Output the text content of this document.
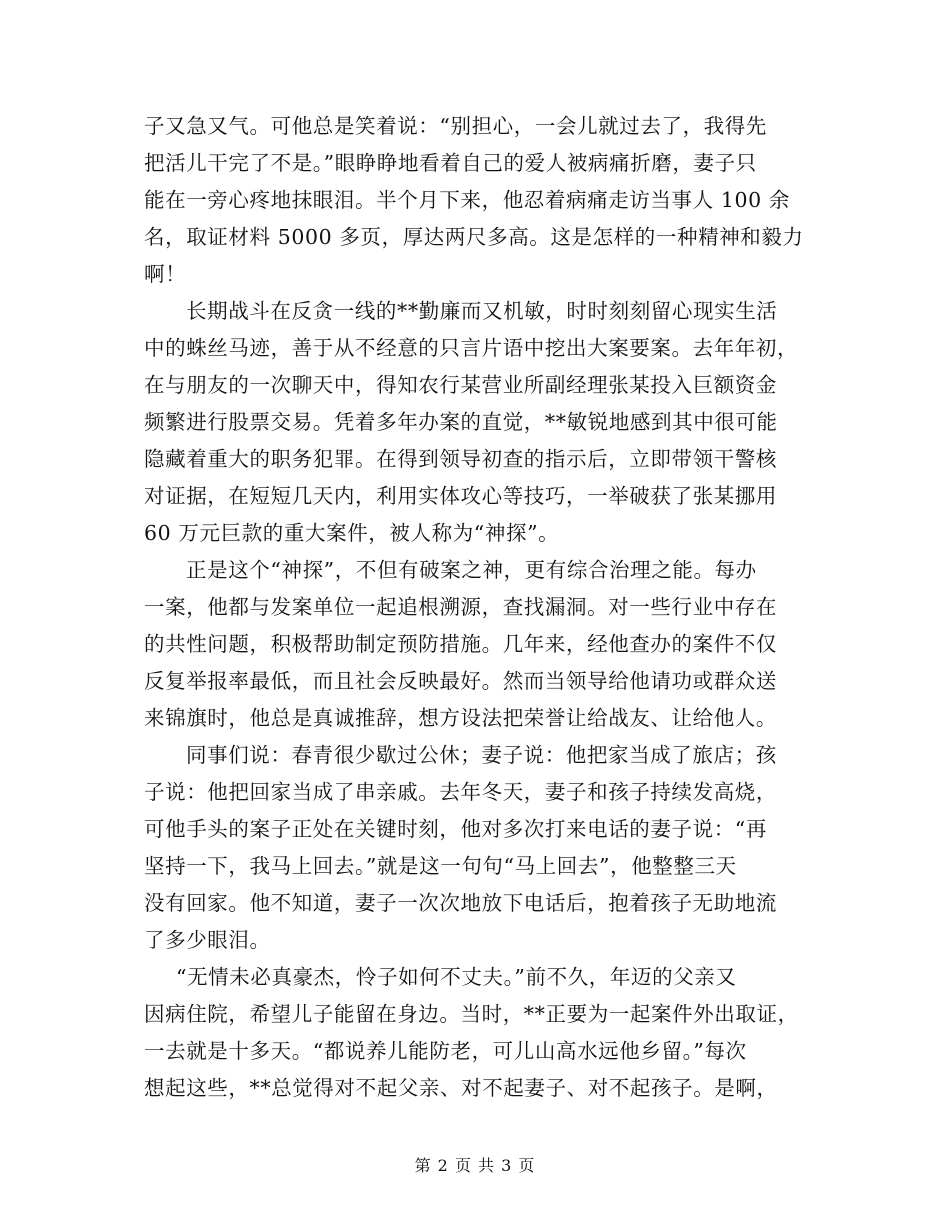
子又急又气。可他总是笑着说：“别担心，一会儿就过去了，我得先
把活儿干完了不是。”眼睁睁地看着自己的爱人被病痛折磨，妻子只
能在一旁心疼地抹眼泪。半个月下来，他忍着病痛走访当事人 100 余
名，取证材料 5000 多页，厚达两尺多高。这是怎样的一种精神和毅力
啊！
长期战斗在反贪一线的**勤廉而又机敏，时时刻刻留心现实生活
中的蛛丝马迹，善于从不经意的只言片语中挖出大案要案。去年年初，
在与朋友的一次聊天中，得知农行某营业所副经理张某投入巨额资金
频繁进行股票交易。凭着多年办案的直觉，**敏锐地感到其中很可能
隐藏着重大的职务犯罪。在得到领导初查的指示后，立即带领干警核
对证据，在短短几天内，利用实体攻心等技巧，一举破获了张某挪用
60 万元巨款的重大案件，被人称为“神探”。
正是这个“神探”，不但有破案之神，更有综合治理之能。每办
一案，他都与发案单位一起追根溯源，查找漏洞。对一些行业中存在
的共性问题，积极帮助制定预防措施。几年来，经他查办的案件不仅
反复举报率最低，而且社会反映最好。然而当领导给他请功或群众送
来锦旗时，他总是真诚推辞，想方设法把荣誉让给战友、让给他人。
同事们说：春青很少歇过公休；妻子说：他把家当成了旅店；孩
子说：他把回家当成了串亲戚。去年冬天，妻子和孩子持续发高烧，
可他手头的案子正处在关键时刻，他对多次打来电话的妻子说：“再
坚持一下，我马上回去。”就是这一句句“马上回去”，他整整三天
没有回家。他不知道，妻子一次次地放下电话后，抱着孩子无助地流
了多少眼泪。
“无情未必真豪杰，怜子如何不丈夫。”前不久，年迈的父亲又
因病住院，希望儿子能留在身边。当时，**正要为一起案件外出取证，
一去就是十多天。“都说养儿能防老，可儿山高水远他乡留。”每次
想起这些，**总觉得对不起父亲、对不起妻子、对不起孩子。是啊，
第 2 页 共 3 页
